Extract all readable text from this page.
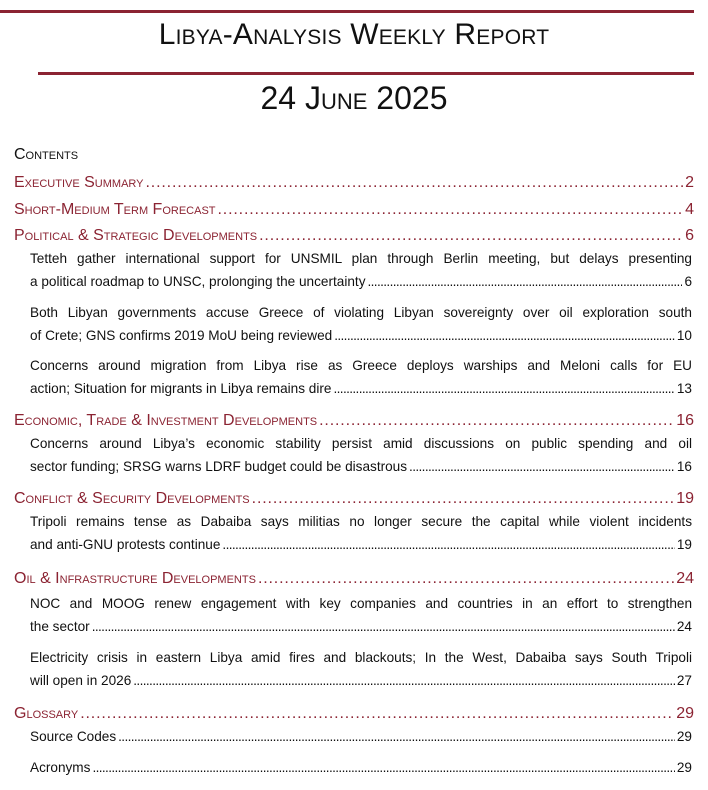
Libya-Analysis Weekly Report
24 June 2025
Contents
Executive Summary . . .	2
Short-Medium Term Forecast . . .	4
Political & Strategic Developments . . .	6
Tetteh gather international support for UNSMIL plan through Berlin meeting, but delays presenting
a political roadmap to UNSC, prolonging the uncertainty . . .	6
Both Libyan governments accuse Greece of violating Libyan sovereignty over oil exploration south
of Crete; GNS confirms 2019 MoU being reviewed . . .	10
Concerns around migration from Libya rise as Greece deploys warships and Meloni calls for EU
action; Situation for migrants in Libya remains dire . . .	13
Economic, Trade & Investment Developments . . .	16
Concerns around Libya’s economic stability persist amid discussions on public spending and oil
sector funding; SRSG warns LDRF budget could be disastrous . . .	16
Conflict & Security Developments . . .	19
Tripoli remains tense as Dabaiba says militias no longer secure the capital while violent incidents
and anti-GNU protests continue . . .	19
Oil & Infrastructure Developments . . .	24
NOC and MOOG renew engagement with key companies and countries in an effort to strengthen
the sector . . .	24
Electricity crisis in eastern Libya amid fires and blackouts; In the West, Dabaiba says South Tripoli
will open in 2026 . . .	27
Glossary . . .	29
Source Codes . . .	29
Acronyms . . .	29
